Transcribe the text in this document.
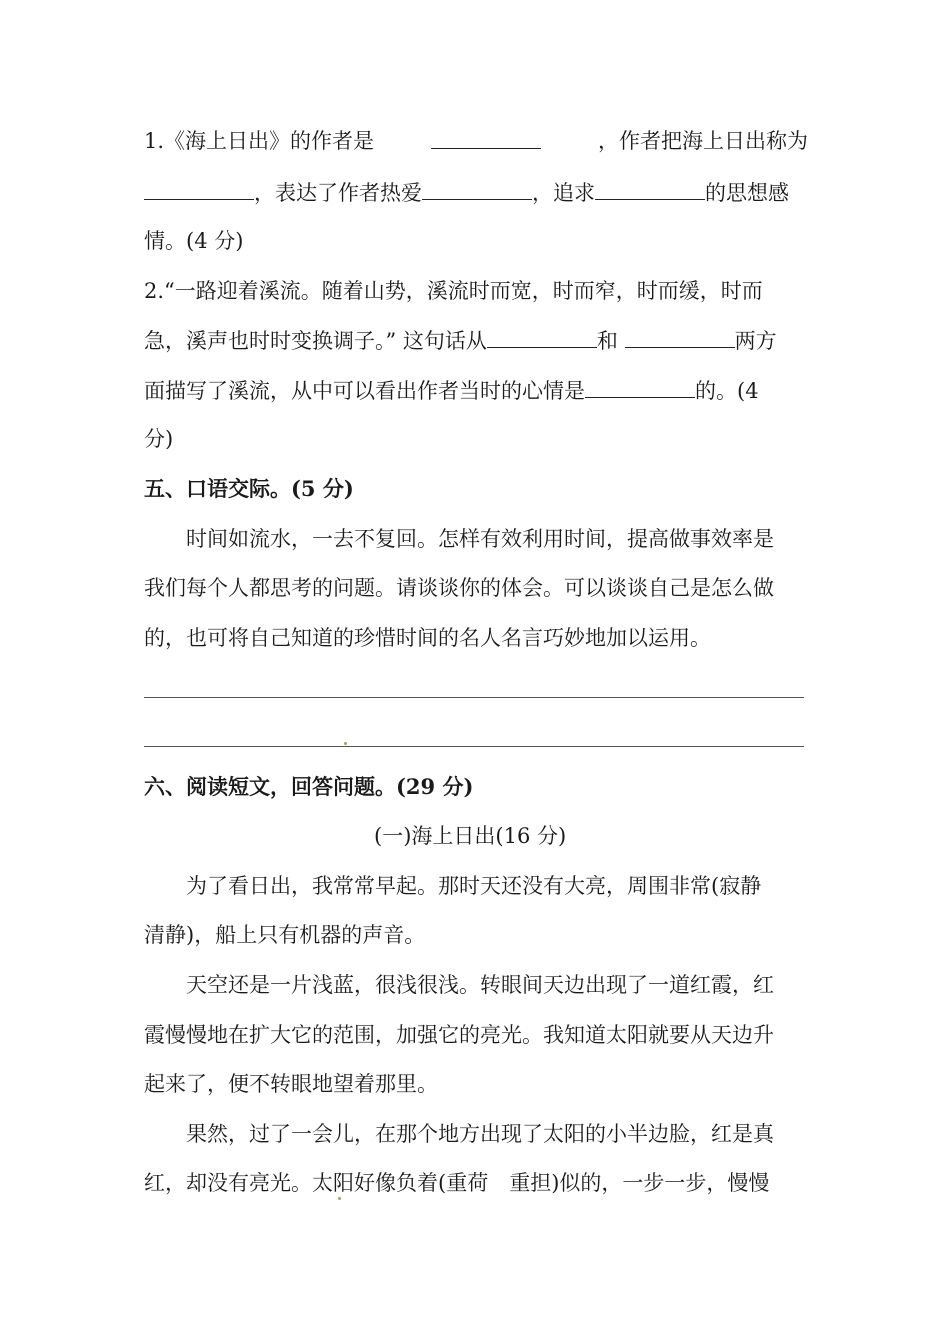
1.《海上日出》的作者是	，作者把海上日出称为
，表达了作者热爱	，追求	的思想感
情。(4 分)
2.“一路迎着溪流。随着山势，溪流时而宽，时而窄，时而缓，时而
急，溪声也时时变换调子。” 这句话从	和	两方
面描写了溪流，从中可以看出作者当时的心情是	的。(4
分)
五、口语交际。(5 分)
时间如流水，一去不复回。怎样有效利用时间，提高做事效率是
我们每个人都思考的问题。请谈谈你的体会。可以谈谈自己是怎么做
的，也可将自己知道的珍惜时间的名人名言巧妙地加以运用。
六、阅读短文，回答问题。(29 分)
(一)海上日出(16 分)
为了看日出，我常常早起。那时天还没有大亮，周围非常(寂静
清静)，船上只有机器的声音。
天空还是一片浅蓝，很浅很浅。转眼间天边出现了一道红霞，红
霞慢慢地在扩大它的范围，加强它的亮光。我知道太阳就要从天边升
起来了，便不转眼地望着那里。
果然，过了一会儿，在那个地方出现了太阳的小半边脸，红是真
红，却没有亮光。太阳好像负着(重荷　重担)似的，一步一步，慢慢
